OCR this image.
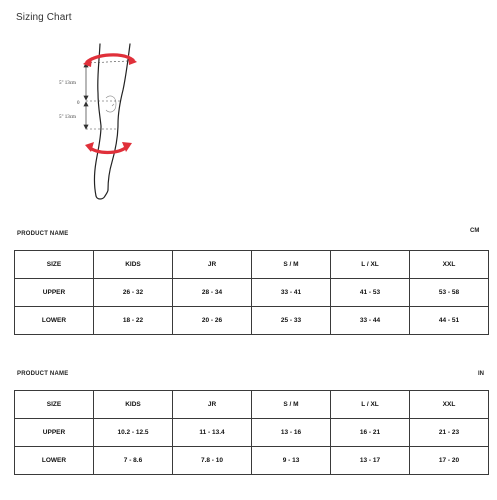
Sizing Chart
5" 13cm
0
5" 13cm
PRODUCT NAME	CM
SIZE	KIDS	JR	S / M	L / XL	XXL
UPPER	26 - 32	28 - 34	33 - 41	41 - 53	53 - 58
LOWER	18 - 22	20 - 26	25 - 33	33 - 44	44 - 51
PRODUCT NAME	IN
SIZE	KIDS	JR	S / M	L / XL	XXL
UPPER	10.2 - 12.5	11 - 13.4	13 - 16	16 - 21	21 - 23
LOWER	7 - 8.6	7.8 - 10	9 - 13	13 - 17	17 - 20
